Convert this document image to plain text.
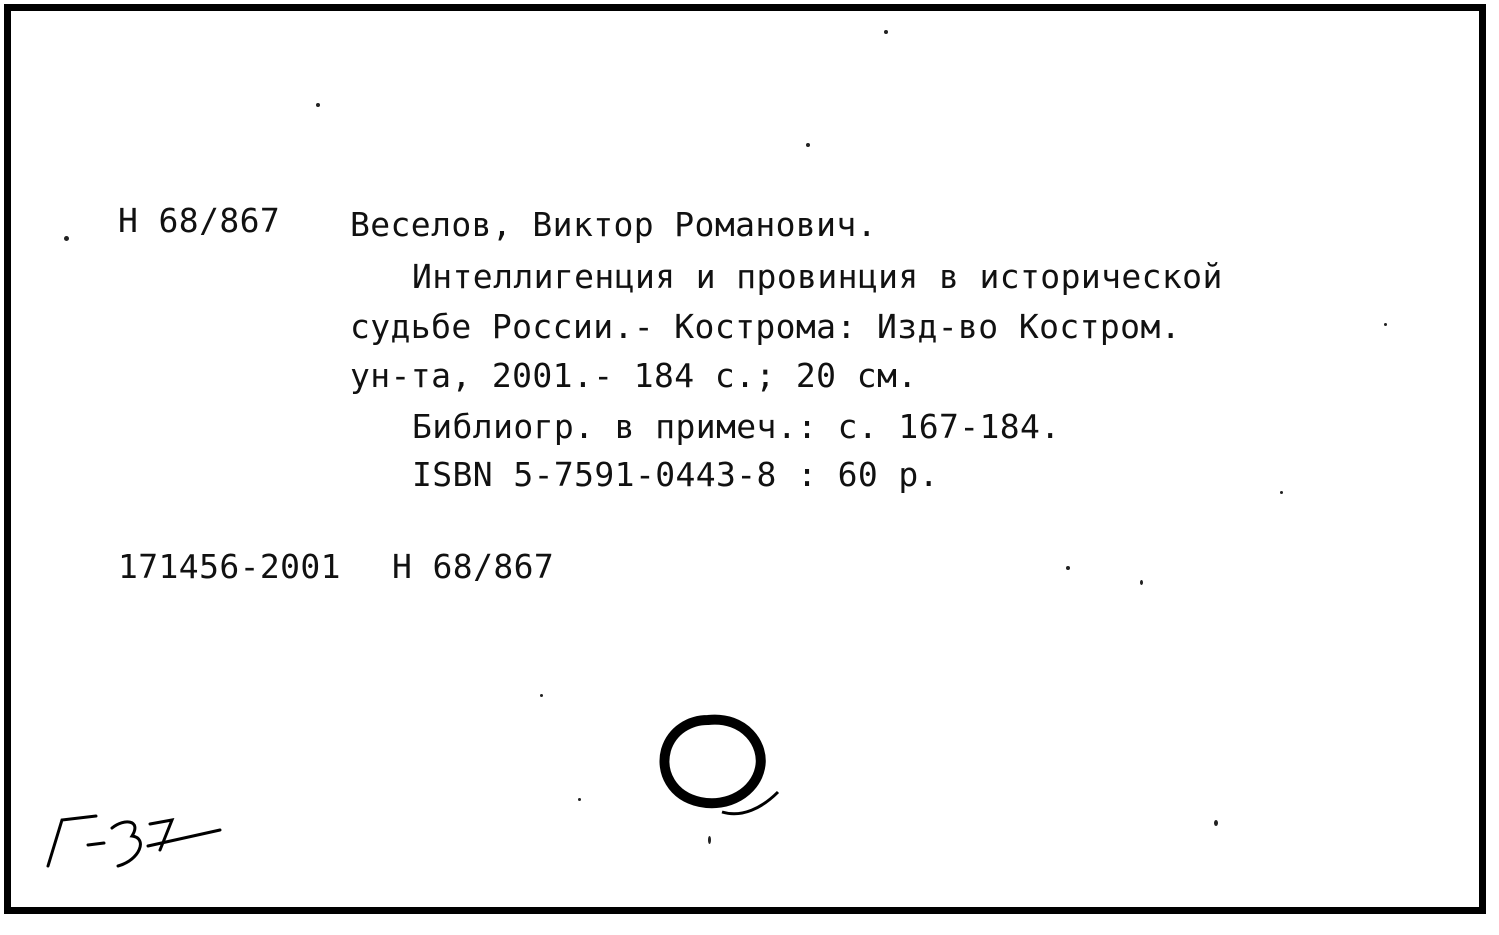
Н 68/867 Веселов, Виктор Романович.
Интеллигенция и провинция в исторической
судьбе России.- Кострома: Изд-во Костром.
ун-та, 2001.- 184 с.; 20 см.
Библиогр. в примеч.: с. 167-184.
ISBN 5-7591-0443-8 : 60 р.
171456-2001 Н 68/867
